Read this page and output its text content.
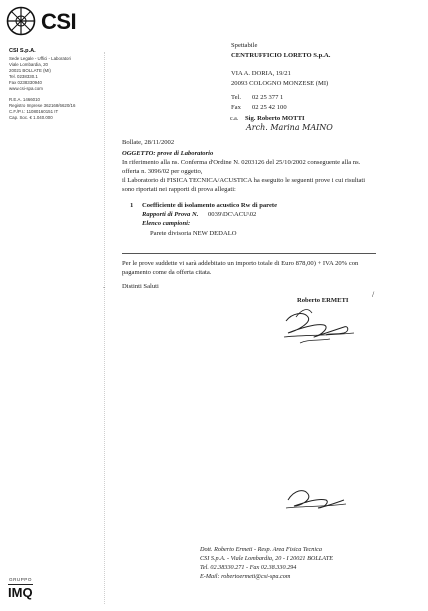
CSI
CSI S.p.A.
Sede Legale - Uffici - Laboratori
Viale Lombardia, 20
20021 BOLLATE (MI)
Tel. 0238330.1
Fax 0238330940
www.csi-spa.com
R.E.A. 1466010
Registro Imprese 362168/6620/16
C.F./P.I.: 11080160151 IT
Cap. Soc. € 1.040.000
-
GRUPPO
IMQ
Spettabile
CENTRUFFICIO LORETO S.p.A.
VIA A. DORIA, 19/21
20093 COLOGNO MONZESE (MI)
Tel. 02 25 377 1
Fax 02 25 42 100
c.a. Sig. Roberto MOTTI
Arch. Marina MAINO
Bollate, 28/11/2002
OGGETTO: prove di Laboratorio
In riferimento alla ns. Conferma d'Ordine N. 0203126 del 25/10/2002 conseguente alla ns.
offerta n. 3096/02 per oggetto,
il Laboratorio di FISICA TECNICA/ACUSTICA ha eseguito le seguenti prove i cui risultati
sono riportati nei rapporti di prova allegati:
1 Coefficiente di isolamento acustico Rw di parete
Rapporti di Prova N. 0039\DC\ACU\02
Elenco campioni:
Parete divisoria NEW DEDALO
Per le prove suddette vi sarà addebitato un importo totale di Euro 878,00) + IVA 20% con
pagamento come da offerta citata.
Distinti Saluti
Roberto ERMETI
/
Dott. Roberto Ermeti - Resp. Area Fisica Tecnica
CSI S.p.A. - Viale Lombardia, 20 - I 20021 BOLLATE
Tel. 02.38330.271 - Fax 02.38.330.294
E-Mail: robertoermeti@csi-spa.com
